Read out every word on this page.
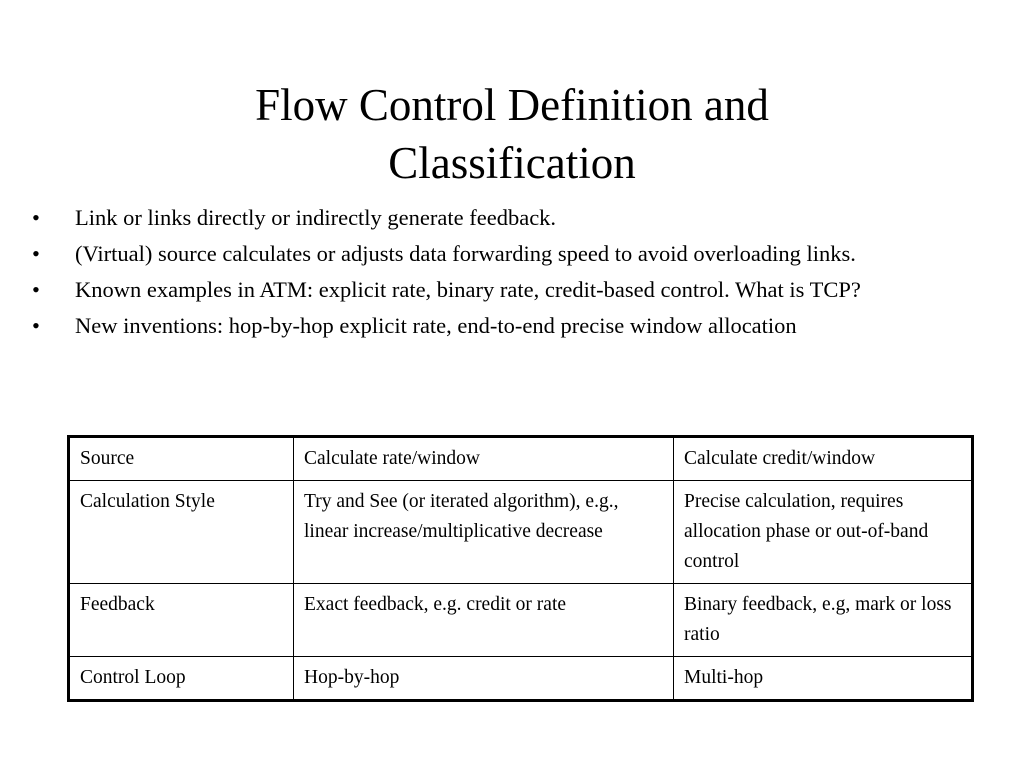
Flow Control Definition and
Classification
• Link or links directly or indirectly generate feedback.
• (Virtual) source calculates or adjusts data forwarding speed to avoid overloading links.
• Known examples in ATM: explicit rate, binary rate, credit-based control. What is TCP?
• New inventions: hop-by-hop explicit rate, end-to-end precise window allocation
Source	Calculate rate/window	Calculate credit/window
Calculation Style	Try and See (or iterated algorithm), e.g., linear increase/multiplicative decrease	Precise calculation, requires allocation phase or out-of-band control
Feedback	Exact feedback, e.g. credit or rate	Binary feedback, e.g, mark or loss ratio
Control Loop	Hop-by-hop	Multi-hop
